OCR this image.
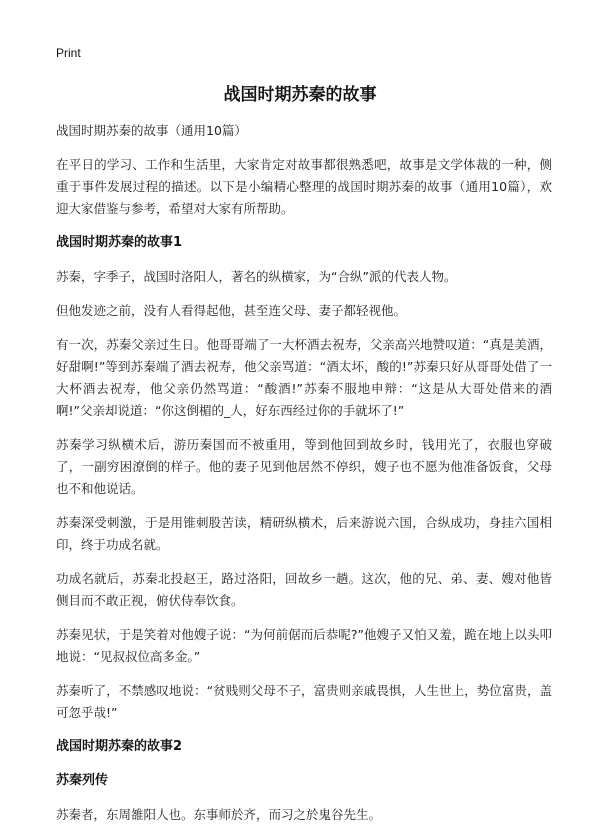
Print
战国时期苏秦的故事

战国时期苏秦的故事（通用10篇）

在平日的学习、工作和生活里，大家肯定对故事都很熟悉吧，故事是文学体裁的一种，侧重于事件发展过程的描述。以下是小编精心整理的战国时期苏秦的故事（通用10篇），欢迎大家借鉴与参考，希望对大家有所帮助。

战国时期苏秦的故事1

苏秦，字季子，战国时洛阳人，著名的纵横家，为“合纵”派的代表人物。

但他发迹之前，没有人看得起他，甚至连父母、妻子都轻视他。

有一次，苏秦父亲过生日。他哥哥端了一大杯酒去祝寿，父亲高兴地赞叹道：“真是美酒，好甜啊!”等到苏秦端了酒去祝寿，他父亲骂道：“酒太坏，酸的!”苏秦只好从哥哥处借了一大杯酒去祝寿，他父亲仍然骂道：“酸酒!”苏秦不服地申辩：“这是从大哥处借来的酒啊!”父亲却说道：“你这倒楣的_人，好东西经过你的手就坏了!”

苏秦学习纵横术后，游历秦国而不被重用，等到他回到故乡时，钱用光了，衣服也穿破了，一副穷困潦倒的样子。他的妻子见到他居然不停织，嫂子也不愿为他准备饭食，父母也不和他说话。

苏秦深受刺激，于是用锥刺股苦读，精研纵横术，后来游说六国，合纵成功，身挂六国相印，终于功成名就。

功成名就后，苏秦北投赵王，路过洛阳，回故乡一趟。这次，他的兄、弟、妻、嫂对他皆侧目而不敢正视，俯伏侍奉饮食。

苏秦见状，于是笑着对他嫂子说：“为何前倨而后恭呢?”他嫂子又怕又羞，跪在地上以头叩地说：“见叔叔位高多金。”

苏秦听了，不禁感叹地说：“贫贱则父母不子，富贵则亲戚畏惧，人生世上，势位富贵，盖可忽乎哉!”

战国时期苏秦的故事2
苏秦列传

苏秦者，东周雒阳人也。东事师於齐，而习之於鬼谷先生。
